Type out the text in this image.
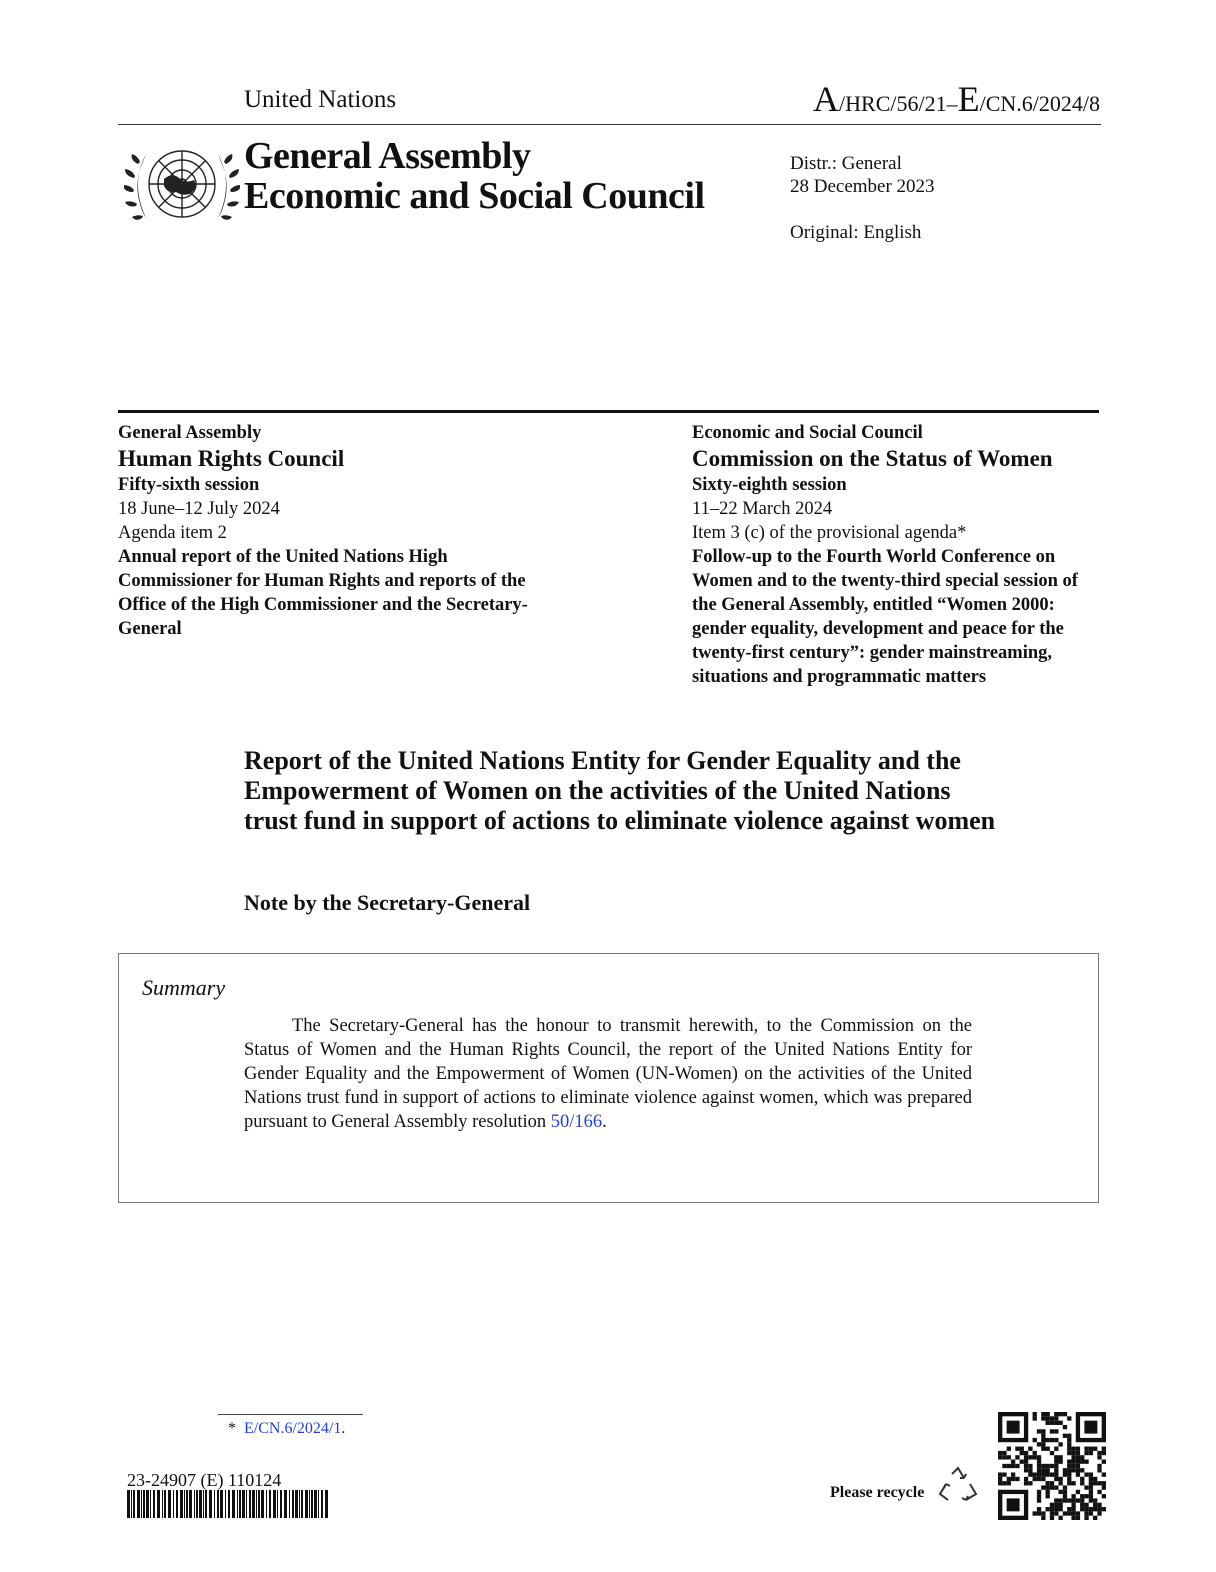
United Nations	A/HRC/56/21–E/CN.6/2024/8
General Assembly
Economic and Social Council
Distr.: General
28 December 2023
Original: English
General Assembly
Human Rights Council
Fifty-sixth session
18 June–12 July 2024
Agenda item 2
Annual report of the United Nations High Commissioner for Human Rights and reports of the Office of the High Commissioner and the Secretary-General
Economic and Social Council
Commission on the Status of Women
Sixty-eighth session
11–22 March 2024
Item 3 (c) of the provisional agenda*
Follow-up to the Fourth World Conference on Women and to the twenty-third special session of the General Assembly, entitled “Women 2000: gender equality, development and peace for the twenty-first century”: gender mainstreaming, situations and programmatic matters
Report of the United Nations Entity for Gender Equality and the Empowerment of Women on the activities of the United Nations trust fund in support of actions to eliminate violence against women
Note by the Secretary-General
Summary
The Secretary-General has the honour to transmit herewith, to the Commission on the Status of Women and the Human Rights Council, the report of the United Nations Entity for Gender Equality and the Empowerment of Women (UN-Women) on the activities of the United Nations trust fund in support of actions to eliminate violence against women, which was prepared pursuant to General Assembly resolution 50/166.
* E/CN.6/2024/1.
23-24907 (E) 110124
Please recycle
